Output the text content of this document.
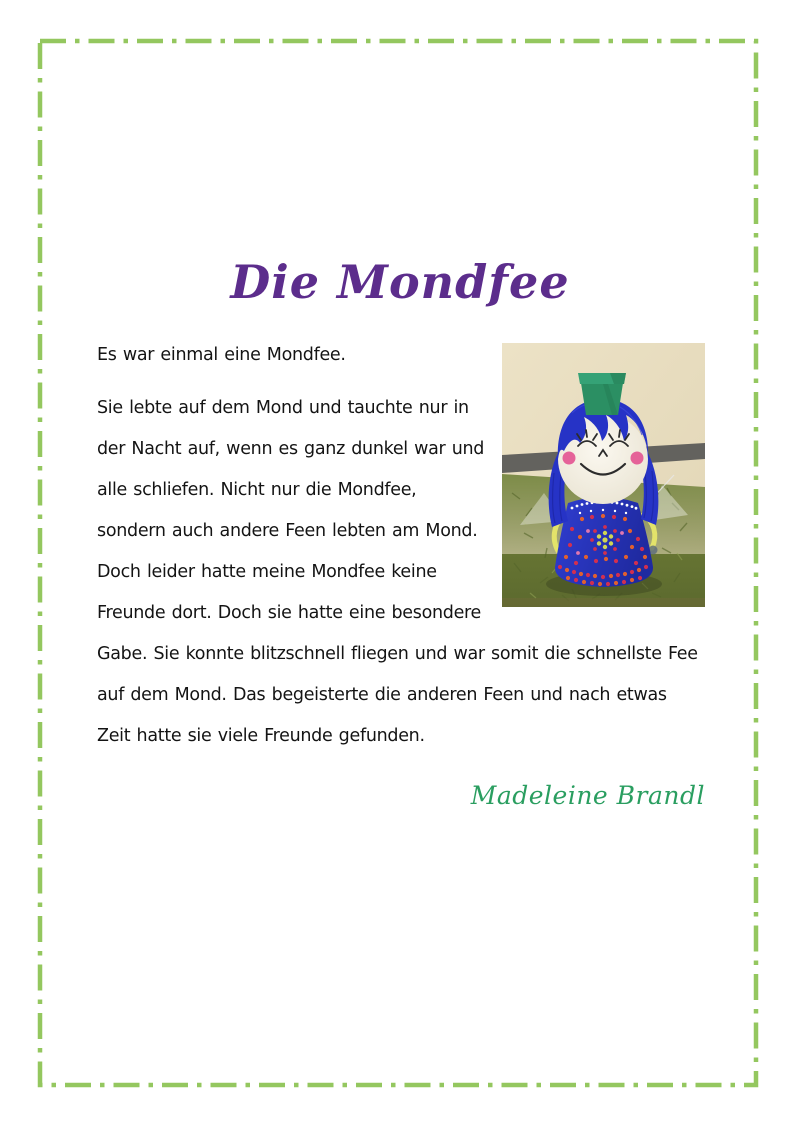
Die Mondfee

Es war einmal eine Mondfee.

Sie lebte auf dem Mond und tauchte nur in der Nacht auf, wenn es ganz dunkel war und alle schliefen. Nicht nur die Mondfee, sondern auch andere Feen lebten am Mond. Doch leider hatte meine Mondfee keine Freunde dort. Doch sie hatte eine besondere Gabe. Sie konnte blitzschnell fliegen und war somit die schnellste Fee auf dem Mond. Das begeisterte die anderen Feen und nach etwas Zeit hatte sie viele Freunde gefunden.

Madeleine Brandl
